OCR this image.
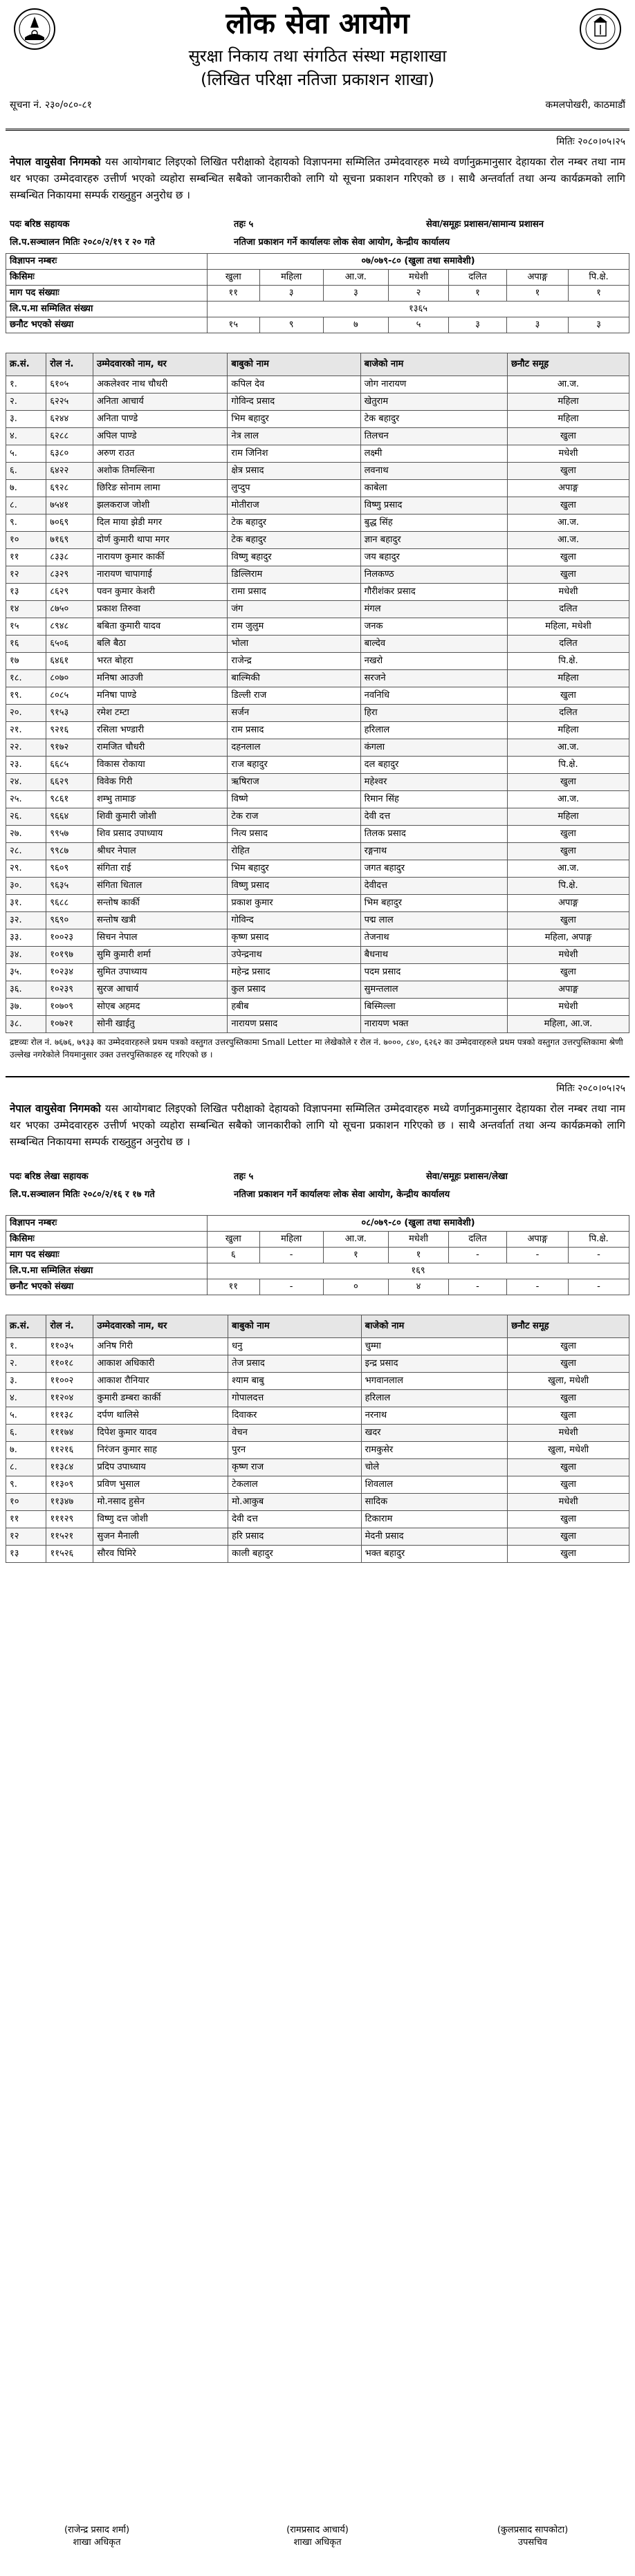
लोक सेवा आयोग
सुरक्षा निकाय तथा संगठित संस्था महाशाखा
(लिखित परिक्षा नतिजा प्रकाशन शाखा)
सूचना नं. २३०/०८०-८१	कमलपोखरी, काठमाडौं
मितिः २०८०।०५।२५
नेपाल वायुसेवा निगमको यस आयोगबाट लिइएको लिखित परीक्षाको देहायको विज्ञापनमा सम्मिलित उम्मेदवारहरु मध्ये वर्णानुक्रमानुसार देहायका रोल नम्बर तथा नाम थर भएका उम्मेदवारहरु उत्तीर्ण भएको व्यहोरा सम्बन्धित सबैको जानकारीको लागि यो सूचना प्रकाशन गरिएको छ । साथै अन्तर्वार्ता तथा अन्य कार्यक्रमको लागि सम्बन्धित निकायमा सम्पर्क राख्नुहुन अनुरोध छ ।
पदः बरिष्ठ सहायक	तहः ५	सेवा/समूहः प्रशासन/सामान्य प्रशासन
लि.प.सञ्चालन मितिः २०८०/२/१९ र २० गते	नतिजा प्रकाशन गर्ने कार्यालयः लोक सेवा आयोग, केन्द्रीय कार्यालय
विज्ञापन नम्बरः	०७/०७९-८० (खुला तथा समावेशी)						
किसिमः	खुला	महिला	आ.ज.	मधेशी	दलित	अपाङ्ग	पि.क्षे.
माग पद संख्याः	११	३	३	२	१	१	१
लि.प.मा सम्मिलित संख्या	१३६५						
छनौट भएको संख्या	१५	९	७	५	३	३	३
क्र.सं.	रोल नं.	उम्मेदवारको नाम, थर	बाबुको नाम	बाजेको नाम	छनौट समूह
१.	६१०५	अकलेश्वर नाथ चौधरी	कपिल देव	जोग नारायण	आ.ज.
२.	६२२५	अनिता आचार्य	गोविन्द प्रसाद	खेतुराम	महिला
३.	६२४४	अनिता पाण्डे	भिम बहादुर	टेक बहादुर	महिला
४.	६२८८	अपिल पाण्डे	नेत्र लाल	तिलचन	खुला
५.	६३८०	अरुण राउत	राम जिनिश	लक्ष्मी	मधेशी
६.	६४२२	अशोक तिमल्सिना	क्षेत्र प्रसाद	लवनाथ	खुला
७.	६९२८	छिरिङ सोनाम लामा	लुप्दुप	काबेला	अपाङ्ग
८.	७५४१	झलकराज जोशी	मोतीराज	विष्णु प्रसाद	खुला
९.	७०६९	दिल माया झेडी मगर	टेक बहादुर	बुद्ध सिंह	आ.ज.
१०	७१६९	दोर्ण कुमारी थापा मगर	टेक बहादुर	ज्ञान बहादुर	आ.ज.
११	८३३८	नारायण कुमार कार्की	विष्णु बहादुर	जय बहादुर	खुला
१२	८३२९	नारायण चापागाई	डिल्लिराम	निलकण्ठ	खुला
१३	८६२९	पवन कुमार केशरी	रामा प्रसाद	गौरीशंकर प्रसाद	मधेशी
१४	८७५०	प्रकाश तिरुवा	जंग	मंगल	दलित
१५	८९४८	बबिता कुमारी यादव	राम जुलुम	जनक	महिला, मधेशी
१६	६५०६	बलि बैठा	भोला	बाल्देव	दलित
१७	६४६१	भरत बोहरा	राजेन्द्र	नखरो	पि.क्षे.
१८.	८०७०	मनिषा आउजी	बाल्मिकी	सरजने	महिला
१९.	८०८५	मनिषा पाण्डे	डिल्ली राज	नवनिधि	खुला
२०.	९१५३	रमेश टम्टा	सर्जन	हिरा	दलित
२१.	९२१६	रसिला भण्डारी	राम प्रसाद	हरिलाल	महिला
२२.	९१७२	रामजित चौधरी	दहनलाल	कंगला	आ.ज.
२३.	६६८५	विकास रोकाया	राज बहादुर	दल बहादुर	पि.क्षे.
२४.	६६२९	विवेक गिरी	ऋषिराज	महेश्वर	खुला
२५.	९८६१	शम्भु तामाङ	विष्णे	रिमान सिंह	आ.ज.
२६.	९६६४	शिवी कुमारी जोशी	टेक राज	देवी दत्त	महिला
२७.	९९५७	शिव प्रसाद उपाध्याय	नित्य प्रसाद	तिलक प्रसाद	खुला
२८.	९९८७	श्रीधर नेपाल	रोहित	रङ्गनाथ	खुला
२९.	९६०९	संगिता राई	भिम बहादुर	जगत बहादुर	आ.ज.
३०.	९६३५	संगिता धिताल	विष्णु प्रसाद	देवीदत्त	पि.क्षे.
३१.	९६८८	सन्तोष कार्की	प्रकाश कुमार	भिम बहादुर	अपाङ्ग
३२.	९६९०	सन्तोष खत्री	गोविन्द	पद्म लाल	खुला
३३.	१००२३	सिचन नेपाल	कृष्ण प्रसाद	तेजनाथ	महिला, अपाङ्ग
३४.	१०१९७	सुमि कुमारी शर्मा	उपेन्द्रनाथ	बैधनाथ	मधेशी
३५.	१०२३४	सुमित उपाध्याय	महेन्द्र प्रसाद	पदम प्रसाद	खुला
३६.	१०२३९	सुरज आचार्य	कुल प्रसाद	सुमन्तलाल	अपाङ्ग
३७.	१०७०९	सोएब अहमद	हबीब	बिस्मिल्ला	मधेशी
३८.	१०७२१	सोनी खाईतु	नारायण प्रसाद	नारायण भक्त	महिला, आ.ज.
द्रष्टव्यः रोल नं. ७६७६, ७९३३ का उम्मेदवारहरुले प्रथम पत्रको वस्तुगत उत्तरपुस्तिकामा Small Letter मा लेखेकोले र रोल नं. ७०००, ८४०, ६२६२ का उम्मेदवारहरुले प्रथम पत्रको वस्तुगत उत्तरपुस्तिकामा श्रेणी उल्लेख नगरेकोले नियमानुसार उक्त उत्तरपुस्तिकाहरु रद्द गरिएको छ ।
मितिः २०८०।०५।२५
नेपाल वायुसेवा निगमको यस आयोगबाट लिइएको लिखित परीक्षाको देहायको विज्ञापनमा सम्मिलित उम्मेदवारहरु मध्ये वर्णानुक्रमानुसार देहायका रोल नम्बर तथा नाम थर भएका उम्मेदवारहरु उत्तीर्ण भएको व्यहोरा सम्बन्धित सबैको जानकारीको लागि यो सूचना प्रकाशन गरिएको छ । साथै अन्तर्वार्ता तथा अन्य कार्यक्रमको लागि सम्बन्धित निकायमा सम्पर्क राख्नुहुन अनुरोध छ ।
पदः बरिष्ठ लेखा सहायक	तहः ५	सेवा/समूहः प्रशासन/लेखा
लि.प.सञ्चालन मितिः २०८०/२/१६ र १७ गते	नतिजा प्रकाशन गर्ने कार्यालयः लोक सेवा आयोग, केन्द्रीय कार्यालय
विज्ञापन नम्बरः	०८/०७९-८० (खुला तथा समावेशी)						
किसिमः	खुला	महिला	आ.ज.	मधेशी	दलित	अपाङ्ग	पि.क्षे.
माग पद संख्याः	६	-	१	१	-	-	-
लि.प.मा सम्मिलित संख्या	१६९						
छनौट भएको संख्या	११	-	०	४	-	-	-
क्र.सं.	रोल नं.	उम्मेदवारको नाम, थर	बाबुको नाम	बाजेको नाम	छनौट समूह
१.	११०३५	अनिष गिरी	धनु	चुम्मा	खुला
२.	११०१८	आकाश अधिकारी	तेज प्रसाद	इन्द्र प्रसाद	खुला
३.	११००२	आकाश रौनियार	श्याम बाबु	भगवानलाल	खुला, मधेशी
४.	११२०४	कुमारी डम्बरा कार्की	गोपालदत्त	हरिलाल	खुला
५.	१११३८	दर्पण थालिसे	दिवाकर	नरनाथ	खुला
६.	१११७४	दिपेश कुमार यादव	वेचन	खदर	मधेशी
७.	११२१६	निरंजन कुमार साह	पुरन	रामकुसेर	खुला, मधेशी
८.	११३८४	प्रदिप उपाध्याय	कृष्ण राज	चोले	खुला
९.	११३०९	प्रविण भुसाल	टेकलाल	शिवलाल	खुला
१०	११३४७	मो.नसाद हुसेन	मो.आकुब	सादिक	मधेशी
११	१११२९	विष्णु दत्त जोशी	देवी दत्त	टिकाराम	खुला
१२	११५२१	सुजन मैनाली	हरि प्रसाद	मेदनी प्रसाद	खुला
१३	११५२६	सौरव घिमिरे	काली बहादुर	भक्त बहादुर	खुला
(राजेन्द्र प्रसाद शर्मा)
शाखा अधिकृत
(रामप्रसाद आचार्य)
शाखा अधिकृत
(कुलप्रसाद सापकोटा)
उपसचिव
